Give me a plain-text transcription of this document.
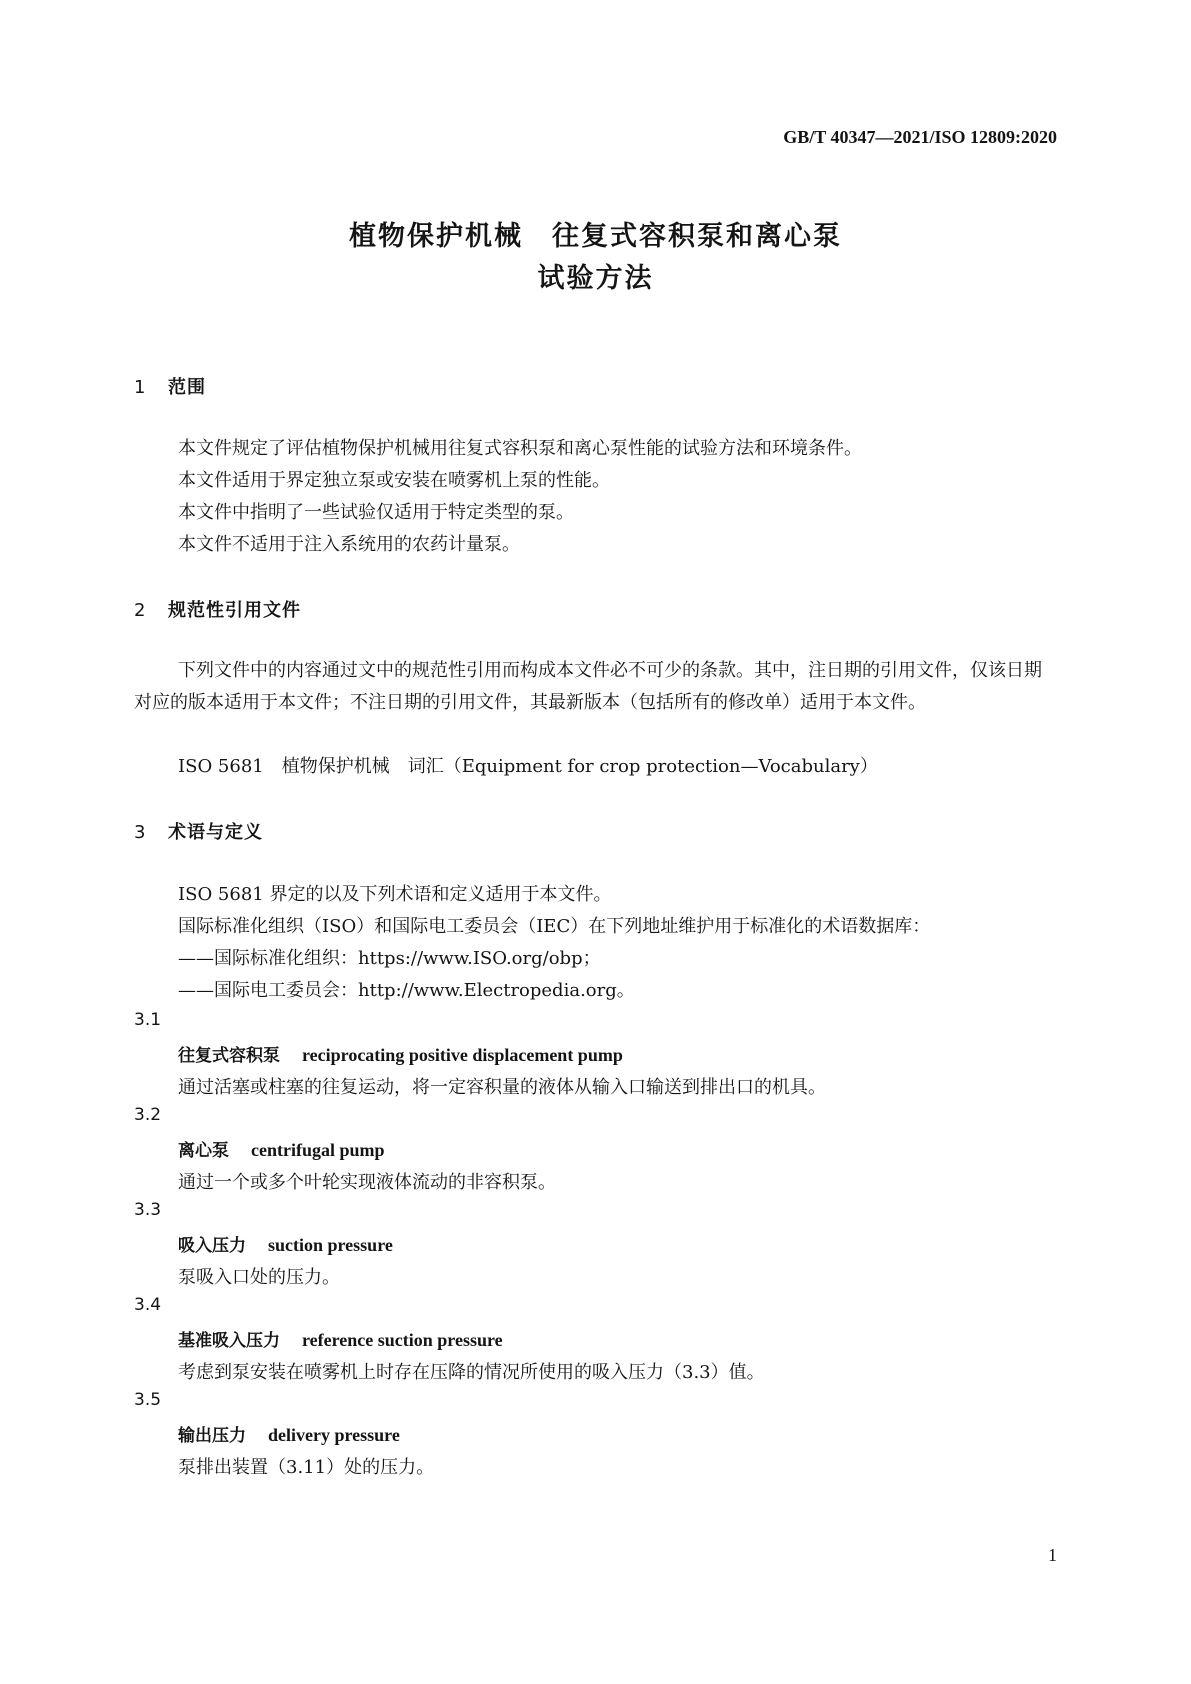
GB/T 40347—2021/ISO 12809:2020
植物保护机械　往复式容积泵和离心泵
试验方法
1 范围
本文件规定了评估植物保护机械用往复式容积泵和离心泵性能的试验方法和环境条件。
本文件适用于界定独立泵或安装在喷雾机上泵的性能。
本文件中指明了一些试验仅适用于特定类型的泵。
本文件不适用于注入系统用的农药计量泵。
2 规范性引用文件
下列文件中的内容通过文中的规范性引用而构成本文件必不可少的条款。其中，注日期的引用文件，仅该日期对应的版本适用于本文件；不注日期的引用文件，其最新版本（包括所有的修改单）适用于本文件。
ISO 5681　植物保护机械　词汇（Equipment for crop protection—Vocabulary）
3 术语与定义
ISO 5681 界定的以及下列术语和定义适用于本文件。
国际标准化组织（ISO）和国际电工委员会（IEC）在下列地址维护用于标准化的术语数据库：
——国际标准化组织：https://www.ISO.org/obp；
——国际电工委员会：http://www.Electropedia.org。
3.1
往复式容积泵 reciprocating positive displacement pump
通过活塞或柱塞的往复运动，将一定容积量的液体从输入口输送到排出口的机具。
3.2
离心泵 centrifugal pump
通过一个或多个叶轮实现液体流动的非容积泵。
3.3
吸入压力 suction pressure
泵吸入口处的压力。
3.4
基准吸入压力 reference suction pressure
考虑到泵安装在喷雾机上时存在压降的情况所使用的吸入压力（3.3）值。
3.5
输出压力 delivery pressure
泵排出装置（3.11）处的压力。
1
